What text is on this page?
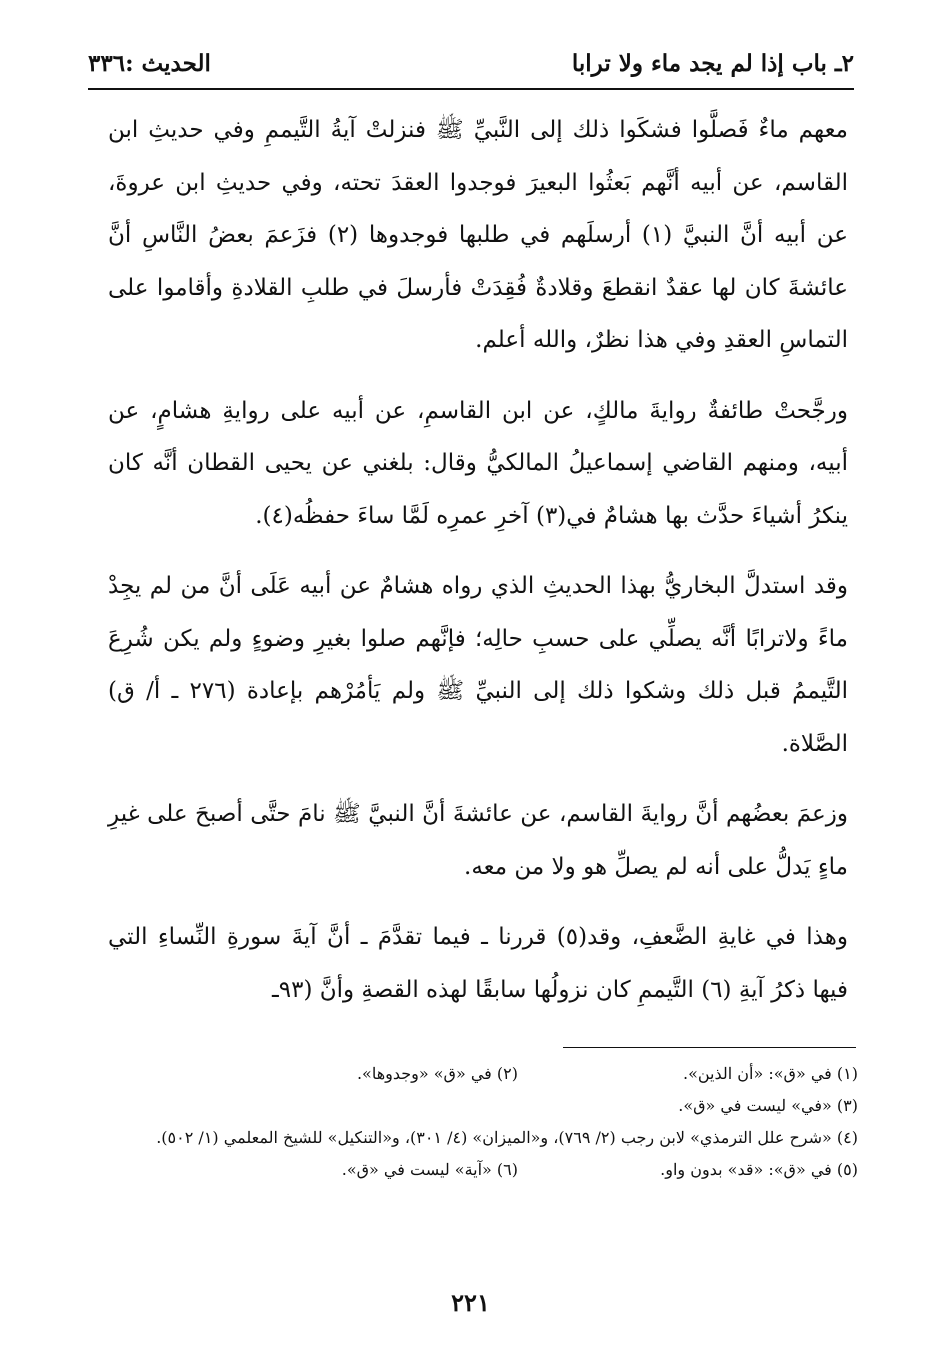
٢ـ باب إذا لم يجد ماء ولا ترابا
الحديث :٣٣٦

معهم ماءٌ فَصلَّوا فشكَوا ذلك إلى النَّبيِّ ﷺ فنزلتْ آيةُ التَّيممِ وفي حديثِ ابن القاسم، عن أبيه أنَّهم بَعثُوا البعيرَ فوجدوا العقدَ تحته، وفي حديثِ ابن عروةَ، عن أبيه أنَّ النبيَّ (١) أرسلَهم في طلبها فوجدوها (٢) فزَعمَ بعضُ النَّاسِ أنَّ عائشةَ كان لها عقدٌ انقطعَ وقلادةٌ فُقِدَتْ فأرسلَ في طلبِ القلادةِ وأقاموا على التماسِ العقدِ وفي هذا نظرٌ، والله أعلم.

ورجَّحتْ طائفةٌ روايةَ مالكٍ، عن ابن القاسمِ، عن أبيه على روايةِ هشامٍ، عن أبيه، ومنهم القاضي إسماعيلُ المالكيُّ وقال: بلغني عن يحيى القطان أنَّه كان ينكرُ أشياءَ حدَّث بها هشامٌ في(٣) آخرِ عمرِه لَمَّا ساءَ حفظُه(٤).

وقد استدلَّ البخاريُّ بهذا الحديثِ الذي رواه هشامٌ عن أبيه عَلَى أنَّ من لم يجِدْ ماءً ولاترابًا أنَّه يصلِّي على حسبِ حالِه؛ فإنَّهم صلوا بغيرِ وضوءٍ ولم يكن شُرِعَ التَّيممُ قبل ذلك وشكوا ذلك إلى النبيِّ ﷺ ولم يَأمُرْهم بإعادة (٢٧٦ ـ أ/ ق) الصَّلاة.

وزعمَ بعضُهم أنَّ روايةَ القاسم، عن عائشةَ أنَّ النبيَّ ﷺ نامَ حتَّى أصبحَ على غيرِ ماءٍ يَدلُّ على أنه لم يصلِّ هو ولا من معه.

وهذا في غايةِ الضَّعفِ، وقد(٥) قررنا ـ فيما تقدَّمَ ـ أنَّ آيةَ سورةِ النِّساءِ التي فيها ذكرُ آيةِ (٦) التَّيممِ كان نزولُها سابقًا لهذه القصةِ وأنَّ (٩٣ـ

(١) في «ق»: «أن الذين».
(٢) في «ق» «وجدوها».
(٣) «في» ليست في «ق».
(٤) «شرح علل الترمذي» لابن رجب (٢/ ٧٦٩)، و«الميزان» (٤/ ٣٠١)، و«التنكيل» للشيخ المعلمي (١/ ٥٠٢).
(٥) في «ق»: «قد» بدون واو.
(٦) «آية» ليست في «ق».
٢٢١
